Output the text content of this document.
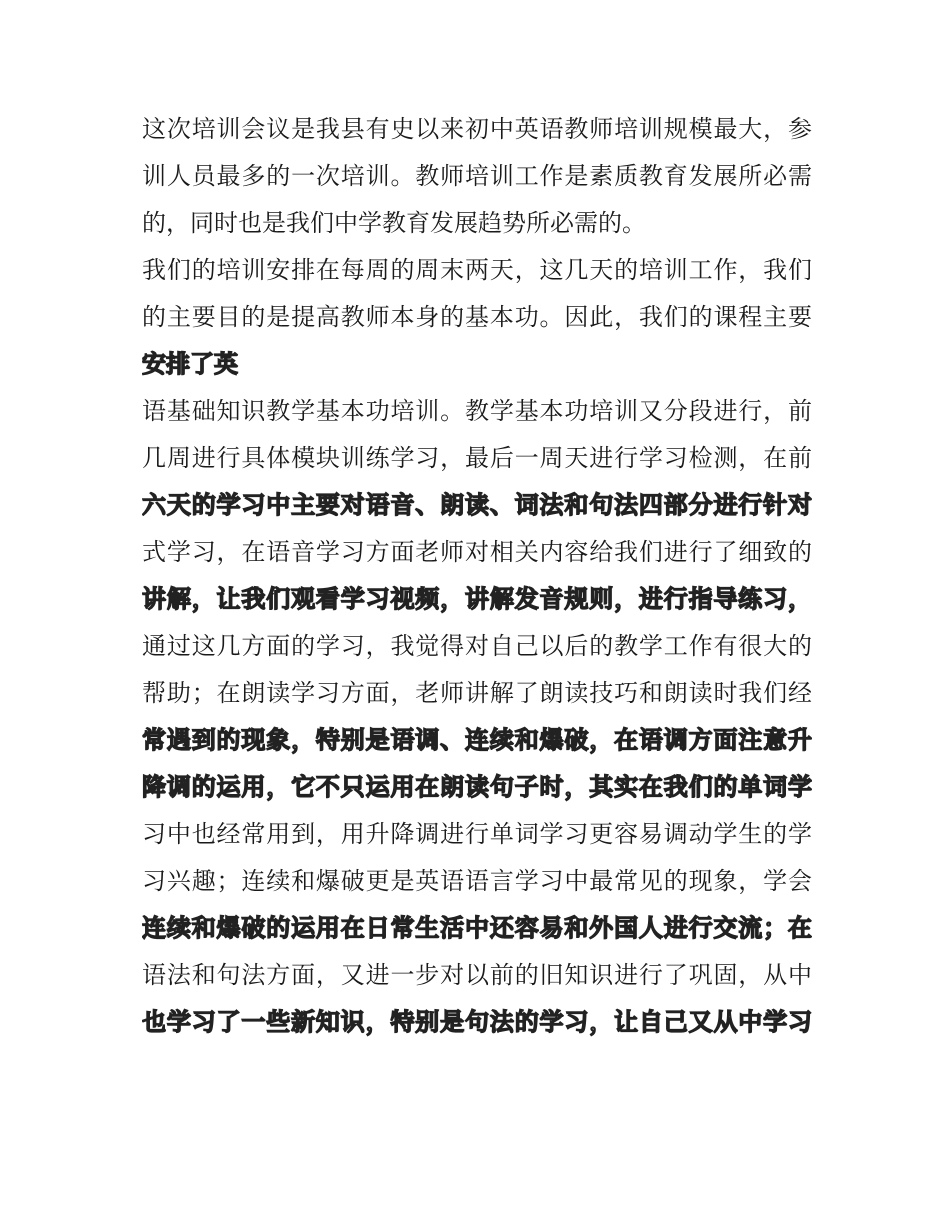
这次培训会议是我县有史以来初中英语教师培训规模最大，参
训人员最多的一次培训。教师培训工作是素质教育发展所必需
的，同时也是我们中学教育发展趋势所必需的。
我们的培训安排在每周的周末两天，这几天的培训工作，我们
的主要目的是提高教师本身的基本功。因此，我们的课程主要
安排了英
语基础知识教学基本功培训。教学基本功培训又分段进行，前
几周进行具体模块训练学习，最后一周天进行学习检测，在前
六天的学习中主要对语音、朗读、词法和句法四部分进行针对
式学习，在语音学习方面老师对相关内容给我们进行了细致的
讲解，让我们观看学习视频，讲解发音规则，进行指导练习，
通过这几方面的学习，我觉得对自己以后的教学工作有很大的
帮助；在朗读学习方面，老师讲解了朗读技巧和朗读时我们经
常遇到的现象，特别是语调、连续和爆破，在语调方面注意升
降调的运用，它不只运用在朗读句子时，其实在我们的单词学
习中也经常用到，用升降调进行单词学习更容易调动学生的学
习兴趣；连续和爆破更是英语语言学习中最常见的现象，学会
连续和爆破的运用在日常生活中还容易和外国人进行交流；在
语法和句法方面，又进一步对以前的旧知识进行了巩固，从中
也学习了一些新知识，特别是句法的学习，让自己又从中学习
